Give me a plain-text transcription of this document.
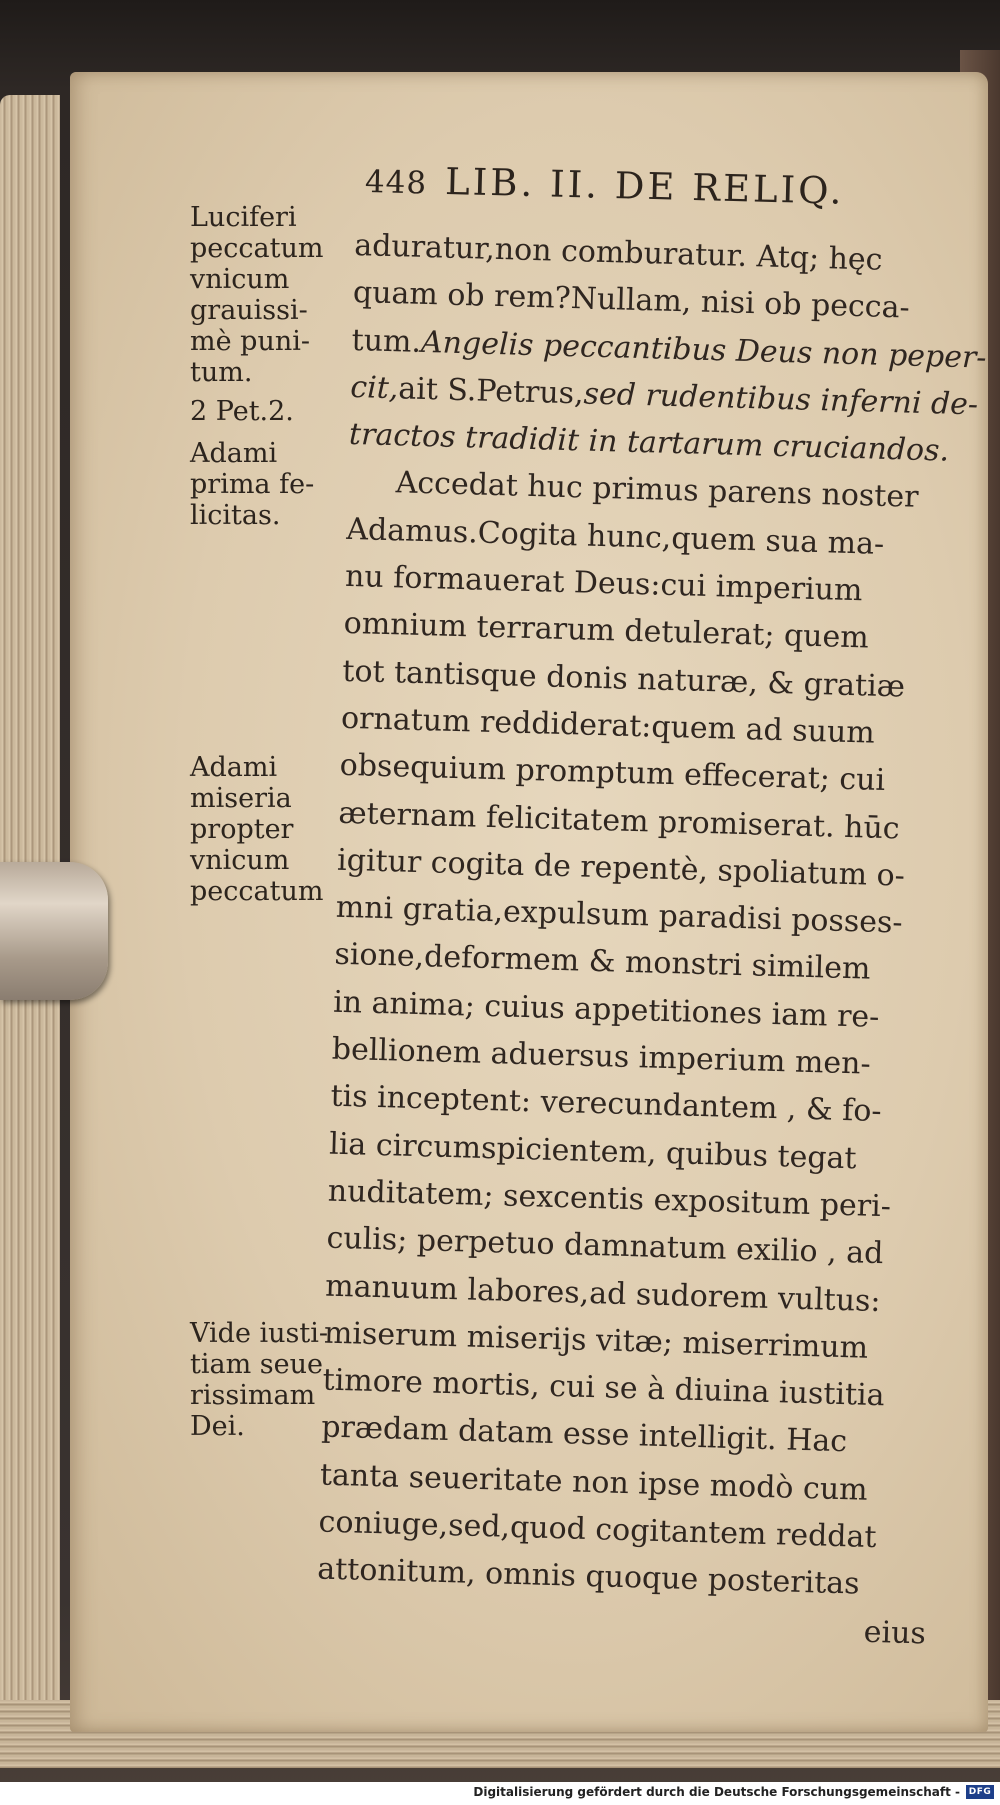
448 LIB. II. DE RELIQ.
aduratur,non comburatur. Atq; hęc
quam ob rem?Nullam, nisi ob pecca-
tum.Angelis peccantibus Deus non peper-
cit,ait S.Petrus,sed rudentibus inferni de-
tractos tradidit in tartarum cruciandos.
Accedat huc primus parens noster
Adamus.Cogita hunc,quem sua ma-
nu formauerat Deus:cui imperium
omnium terrarum detulerat; quem
tot tantisque donis naturæ, & gratiæ
ornatum reddiderat:quem ad suum
obsequium promptum effecerat; cui
æternam felicitatem promiserat. hūc
igitur cogita de repentè, spoliatum o-
mni gratia,expulsum paradisi posses-
sione,deformem & monstri similem
in anima; cuius appetitiones iam re-
bellionem aduersus imperium men-
tis inceptent: verecundantem , & fo-
lia circumspicientem, quibus tegat
nuditatem; sexcentis expositum peri-
culis; perpetuo damnatum exilio , ad
manuum labores,ad sudorem vultus:
miserum miserijs vitæ; miserrimum
timore mortis, cui se à diuina iustitia
prædam datam esse intelligit. Hac
tanta seueritate non ipse modò cum
coniuge,sed,quod cogitantem reddat
attonitum, omnis quoque posteritas
eius
Luciferi
peccatum
vnicum
grauissi-
mè puni-
tum.
2 Pet.2.
Adami
prima fe-
licitas.
Adami
miseria
propter
vnicum
peccatum
Vide iusti-
tiam seue
rissimam
Dei.
Digitalisierung gefördert durch die Deutsche Forschungsgemeinschaft - DFG
